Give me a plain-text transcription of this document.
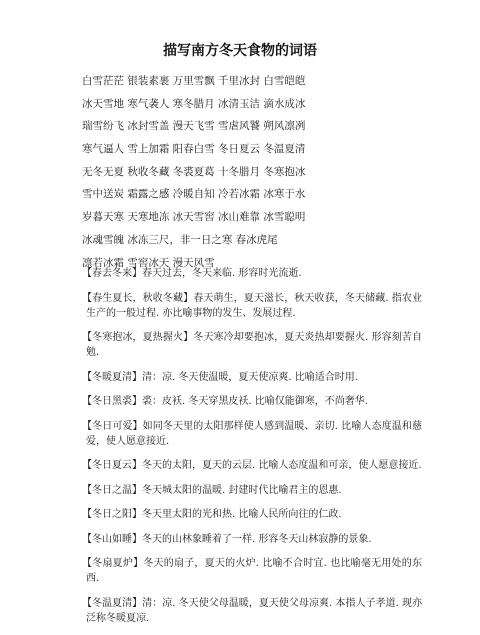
描写南方冬天食物的词语
白雪茫茫 银装素裹 万里雪飘 千里冰封 白雪皑皑
冰天雪地 寒气袭人 寒冬腊月 冰清玉洁 滴水成冰
瑞雪纷飞 冰封雪盖 漫天飞雪 雪虐风饕 朔风凛冽
寒气逼人 雪上加霜 阳春白雪 冬日夏云 冬温夏清
无冬无夏 秋收冬藏 冬裘夏葛 十冬腊月 冬寒抱冰
雪中送炭 霜露之感 冷暖自知 冷若冰霜 冰寒于水
岁暮天寒 天寒地冻 冰天雪窖 冰山难靠 冰雪聪明
冰魂雪魄 冰冻三尺，非一日之寒 春冰虎尾
凛若冰霜 雪窖冰天 漫天风雪
【春去冬来】春天过去，冬天来临. 形容时光流逝.
【春生夏长，秋收冬藏】春天萌生，夏天滋长，秋天收获，冬天储藏. 指农业生产的一般过程. 亦比喻事物的发生、发展过程.
【冬寒抱冰，夏热握火】冬天寒冷却要抱冰，夏天炎热却要握火. 形容刻苦自勉.
【冬暖夏清】清：凉. 冬天使温暖，夏天使凉爽. 比喻适合时用.
【冬日黑裘】裘：皮袄. 冬天穿黑皮袄. 比喻仅能御寒，不尚奢华.
【冬日可爱】如同冬天里的太阳那样使人感到温暖、亲切. 比喻人态度温和慈爱，使人愿意接近.
【冬日夏云】冬天的太阳，夏天的云层. 比喻人态度温和可亲，使人愿意接近.
【冬日之温】冬天城太阳的温暖. 封建时代比喻君主的恩惠.
【冬日之阳】冬天里太阳的光和热. 比喻人民所向往的仁政.
【冬山如睡】冬天的山林象睡着了一样. 形容冬天山林寂静的景象.
【冬扇夏炉】冬天的扇子，夏天的火炉. 比喻不合时宜. 也比喻毫无用处的东西.
【冬温夏清】清：凉. 冬天使父母温暖，夏天使父母凉爽. 本指人子孝道. 现亦泛称冬暖夏凉.
